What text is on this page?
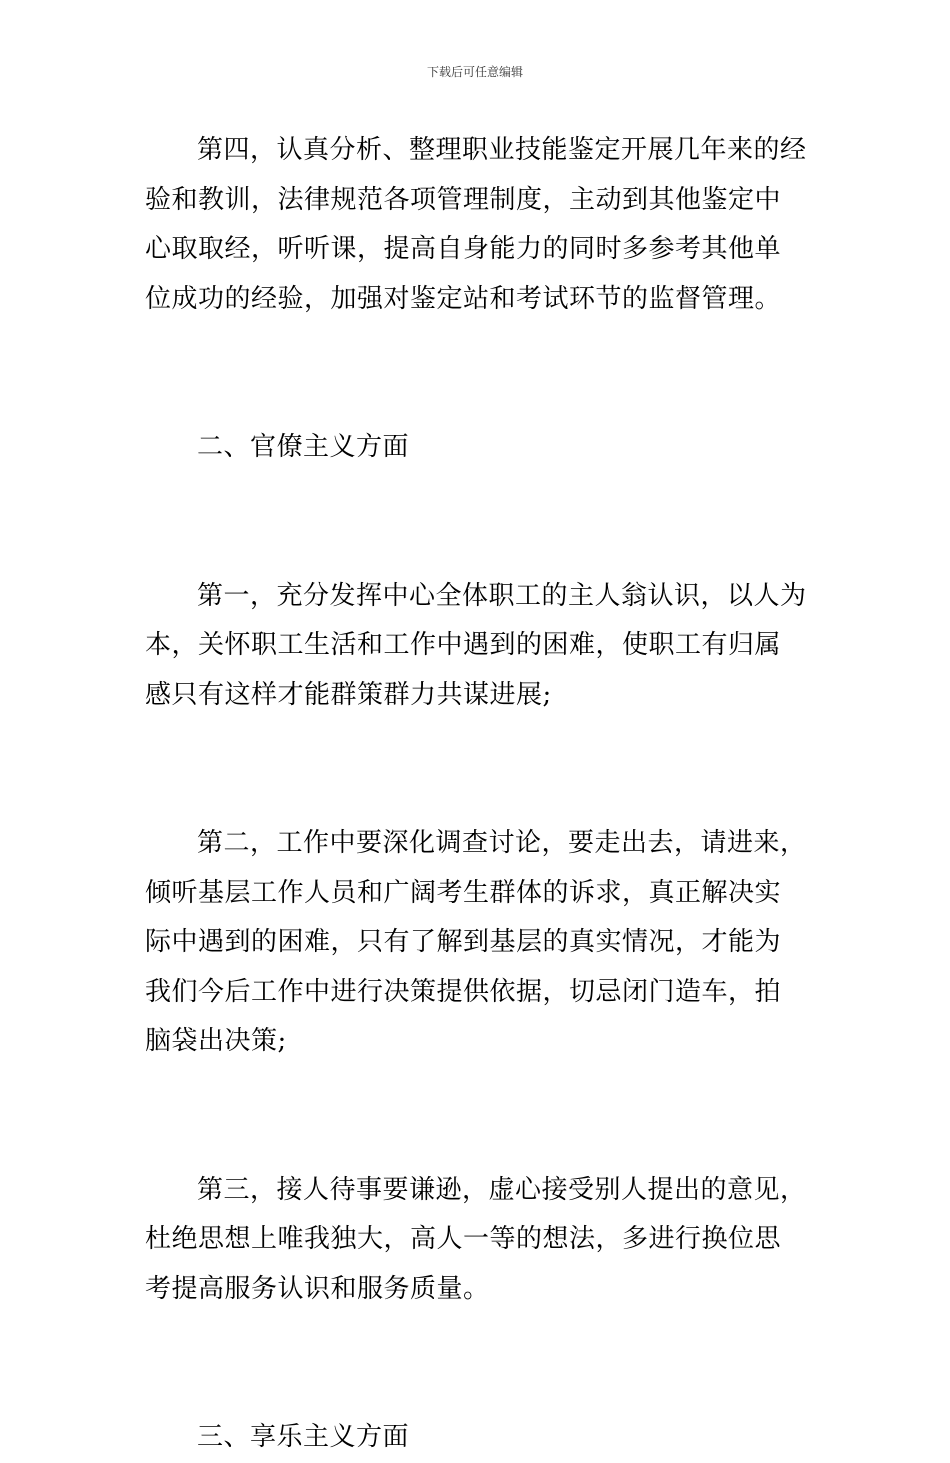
下载后可任意编辑

第四，认真分析、整理职业技能鉴定开展几年来的经验和教训，法律规范各项管理制度，主动到其他鉴定中心取取经，听听课，提高自身能力的同时多参考其他单位成功的经验，加强对鉴定站和考试环节的监督管理。

二、官僚主义方面

第一，充分发挥中心全体职工的主人翁认识，以人为本，关怀职工生活和工作中遇到的困难，使职工有归属感只有这样才能群策群力共谋进展;

第二，工作中要深化调查讨论，要走出去，请进来，倾听基层工作人员和广阔考生群体的诉求，真正解决实际中遇到的困难，只有了解到基层的真实情况，才能为我们今后工作中进行决策提供依据，切忌闭门造车，拍脑袋出决策;

第三，接人待事要谦逊，虚心接受别人提出的意见，杜绝思想上唯我独大，高人一等的想法，多进行换位思考提高服务认识和服务质量。

三、享乐主义方面
